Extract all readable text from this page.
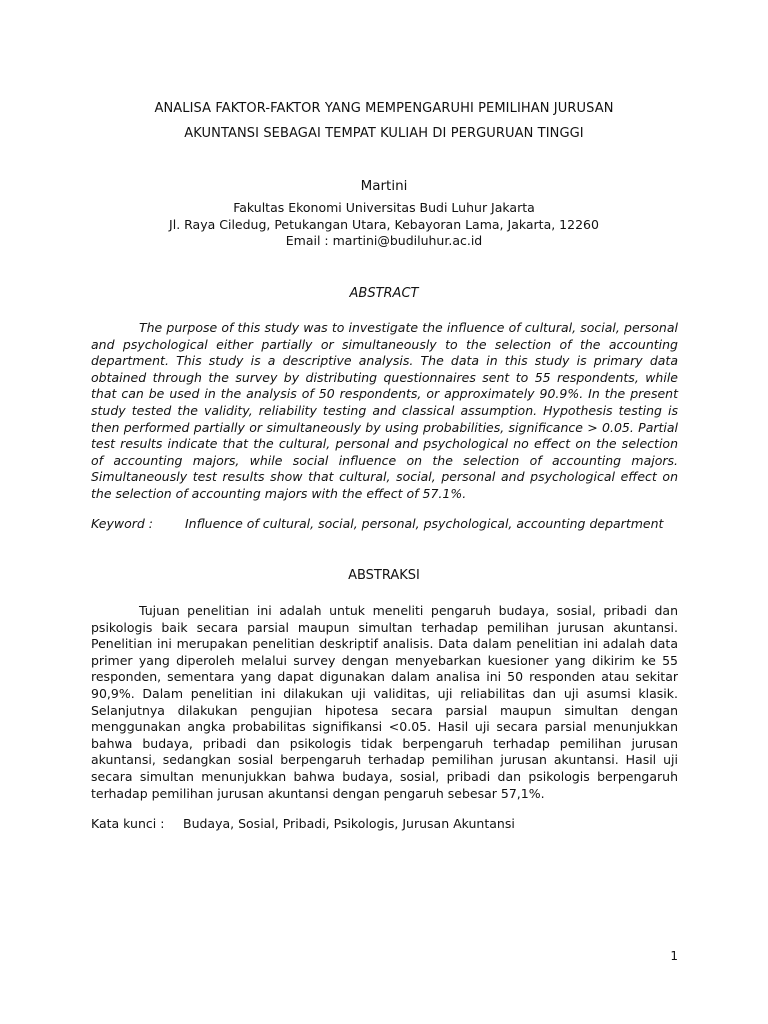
ANALISA FAKTOR-FAKTOR YANG MEMPENGARUHI PEMILIHAN JURUSAN
AKUNTANSI SEBAGAI TEMPAT KULIAH DI PERGURUAN TINGGI
Martini
Fakultas Ekonomi Universitas Budi Luhur Jakarta
Jl. Raya Ciledug, Petukangan Utara, Kebayoran Lama, Jakarta, 12260
Email : martini@budiluhur.ac.id
ABSTRACT

The purpose of this study was to investigate the influence of cultural, social, personal and psychological either partially or simultaneously to the selection of the accounting department. This study is a descriptive analysis. The data in this study is primary data obtained through the survey by distributing questionnaires sent to 55 respondents, while that can be used in the analysis of 50 respondents, or approximately 90.9%. In the present study tested the validity, reliability testing and classical assumption. Hypothesis testing is then performed partially or simultaneously by using probabilities, significance > 0.05. Partial test results indicate that the cultural, personal and psychological no effect on the selection of accounting majors, while social influence on the selection of accounting majors. Simultaneously test results show that cultural, social, personal and psychological effect on the selection of accounting majors with the effect of 57.1%.

Keyword :	Influence of cultural, social, personal, psychological, accounting department
ABSTRAKSI

Tujuan penelitian ini adalah untuk meneliti pengaruh budaya, sosial, pribadi dan psikologis baik secara parsial maupun simultan terhadap pemilihan jurusan akuntansi. Penelitian ini merupakan penelitian deskriptif analisis. Data dalam penelitian ini adalah data primer yang diperoleh melalui survey dengan menyebarkan kuesioner yang dikirim ke 55 responden, sementara yang dapat digunakan dalam analisa ini 50 responden atau sekitar 90,9%. Dalam penelitian ini dilakukan uji validitas, uji reliabilitas dan uji asumsi klasik. Selanjutnya dilakukan pengujian hipotesa secara parsial maupun simultan dengan menggunakan angka probabilitas signifikansi <0.05. Hasil uji secara parsial menunjukkan bahwa budaya, pribadi dan psikologis tidak berpengaruh terhadap pemilihan jurusan akuntansi, sedangkan sosial berpengaruh terhadap pemilihan jurusan akuntansi. Hasil uji secara simultan menunjukkan bahwa budaya, sosial, pribadi dan psikologis berpengaruh terhadap pemilihan jurusan akuntansi dengan pengaruh sebesar 57,1%.

Kata kunci : Budaya, Sosial, Pribadi, Psikologis, Jurusan Akuntansi
1
